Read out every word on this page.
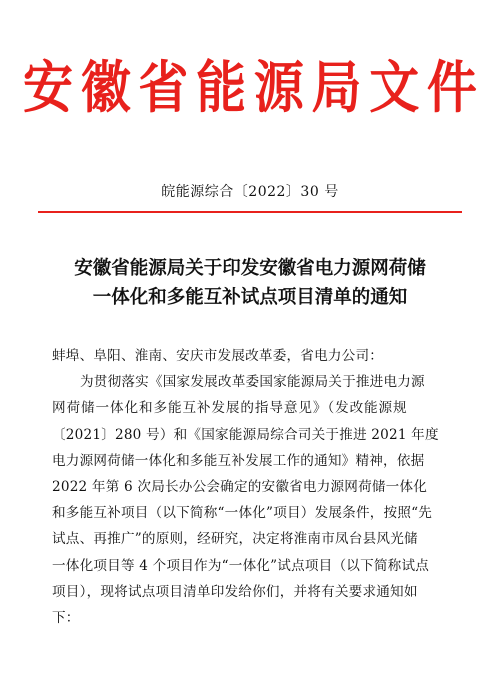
安 徽 省 能 源 局 文 件
皖能源综合〔2022〕30 号
安徽省能源局关于印发安徽省电力源网荷储
一体化和多能互补试点项目清单的通知
蚌埠、阜阳、淮南、安庆市发展改革委，省电力公司：
为贯彻落实《国家发展改革委国家能源局关于推进电力源
网荷储一体化和多能互补发展的指导意见》（发改能源规
〔2021〕280 号）和《国家能源局综合司关于推进 2021 年度
电力源网荷储一体化和多能互补发展工作的通知》精神，依据
2022 年第 6 次局长办公会确定的安徽省电力源网荷储一体化
和多能互补项目（以下简称“一体化”项目）发展条件，按照“先
试点、再推广”的原则，经研究，决定将淮南市凤台县风光储
一体化项目等 4 个项目作为“一体化”试点项目（以下简称试点
项目），现将试点项目清单印发给你们，并将有关要求通知如
下：
